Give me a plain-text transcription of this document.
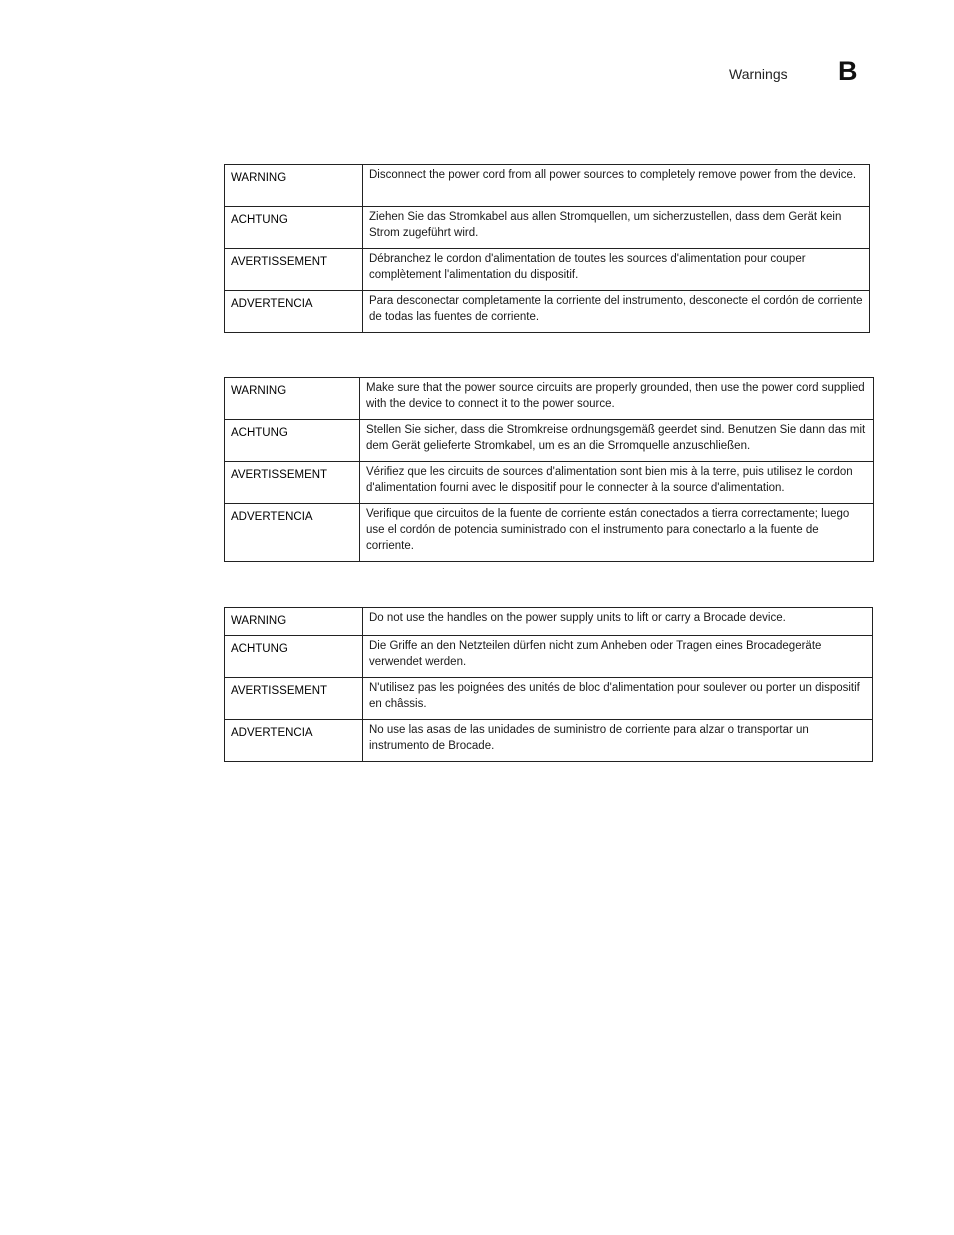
Warnings B
WARNING	Disconnect the power cord from all power sources to completely remove power from the device.
ACHTUNG	Ziehen Sie das Stromkabel aus allen Stromquellen, um sicherzustellen, dass dem Gerät kein Strom zugeführt wird.
AVERTISSEMENT	Débranchez le cordon d'alimentation de toutes les sources d'alimentation pour couper complètement l'alimentation du dispositif.
ADVERTENCIA	Para desconectar completamente la corriente del instrumento, desconecte el cordón de corriente de todas las fuentes de corriente.
WARNING	Make sure that the power source circuits are properly grounded, then use the power cord supplied with the device to connect it to the power source.
ACHTUNG	Stellen Sie sicher, dass die Stromkreise ordnungsgemäß geerdet sind. Benutzen Sie dann das mit dem Gerät gelieferte Stromkabel, um es an die Srromquelle anzuschließen.
AVERTISSEMENT	Vérifiez que les circuits de sources d'alimentation sont bien mis à la terre, puis utilisez le cordon d'alimentation fourni avec le dispositif pour le connecter à la source d'alimentation.
ADVERTENCIA	Verifique que circuitos de la fuente de corriente están conectados a tierra correctamente; luego use el cordón de potencia suministrado con el instrumento para conectarlo a la fuente de corriente.
WARNING	Do not use the handles on the power supply units to lift or carry a Brocade device.
ACHTUNG	Die Griffe an den Netzteilen dürfen nicht zum Anheben oder Tragen eines Brocadegeräte verwendet werden.
AVERTISSEMENT	N'utilisez pas les poignées des unités de bloc d'alimentation pour soulever ou porter un dispositif en châssis.
ADVERTENCIA	No use las asas de las unidades de suministro de corriente para alzar o transportar un instrumento de Brocade.
